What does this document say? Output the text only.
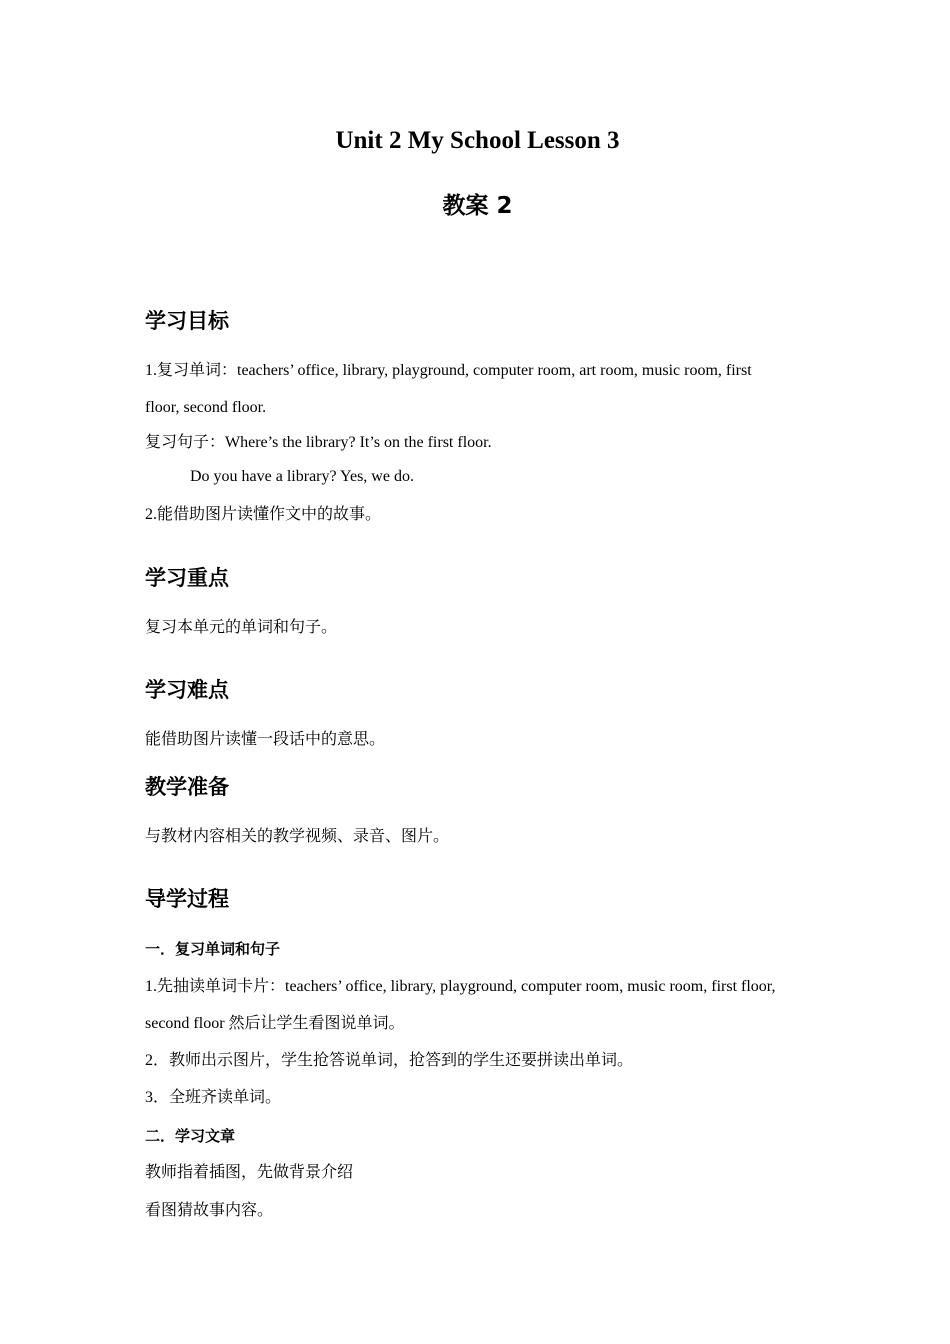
Unit 2 My School Lesson 3
教案 2
学习目标
1.复习单词：teachers’ office, library, playground, computer room, art room, music room, first
floor, second floor.
复习句子：Where’s the library? It’s on the first floor.
Do you have a library? Yes, we do.
2.能借助图片读懂作文中的故事。
学习重点
复习本单元的单词和句子。
学习难点
能借助图片读懂一段话中的意思。
教学准备
与教材内容相关的教学视频、录音、图片。
导学过程
一．复习单词和句子
1.先抽读单词卡片：teachers’ office, library, playground, computer room, music room, first floor,
second floor 然后让学生看图说单词。
2．教师出示图片，学生抢答说单词，抢答到的学生还要拼读出单词。
3．全班齐读单词。
二．学习文章
教师指着插图，先做背景介绍
看图猜故事内容。
